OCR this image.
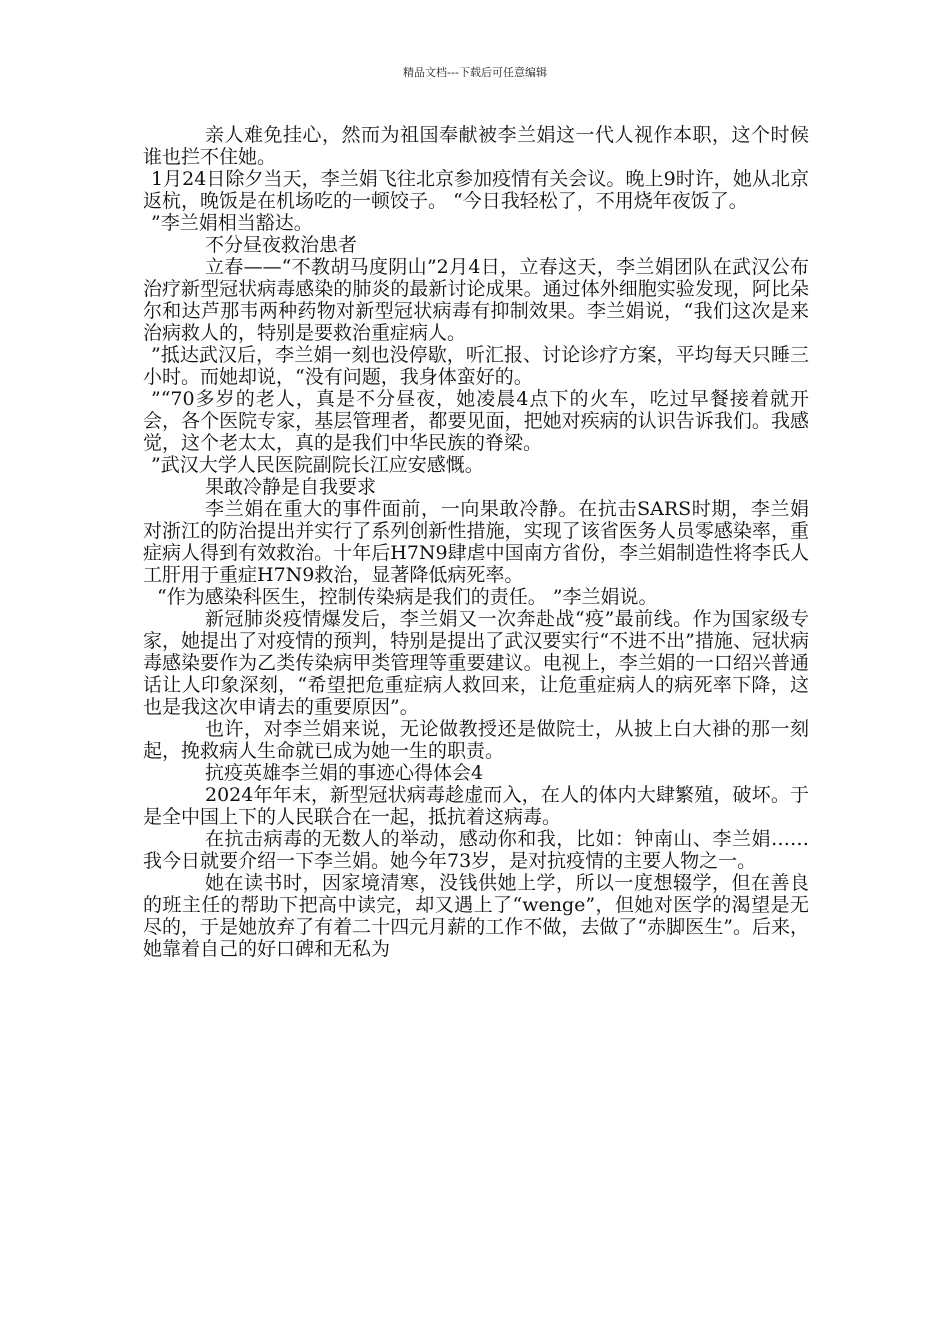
精品文档---下载后可任意编辑

亲人难免挂心，然而为祖国奉献被李兰娟这一代人视作本职，这个时候谁也拦不住她。

1月24日除夕当天，李兰娟飞往北京参加疫情有关会议。晚上9时许，她从北京返杭，晚饭是在机场吃的一顿饺子。 “今日我轻松了，不用烧年夜饭了。

”李兰娟相当豁达。

不分昼夜救治患者

立春——“不教胡马度阴山”2月4日，立春这天，李兰娟团队在武汉公布治疗新型冠状病毒感染的肺炎的最新讨论成果。通过体外细胞实验发现，阿比朵尔和达芦那韦两种药物对新型冠状病毒有抑制效果。李兰娟说，“我们这次是来治病救人的，特别是要救治重症病人。

”抵达武汉后，李兰娟一刻也没停歇，听汇报、讨论诊疗方案，平均每天只睡三小时。而她却说，“没有问题，我身体蛮好的。

”“70多岁的老人，真是不分昼夜，她凌晨4点下的火车，吃过早餐接着就开会，各个医院专家，基层管理者，都要见面，把她对疾病的认识告诉我们。我感觉，这个老太太，真的是我们中华民族的脊梁。

”武汉大学人民医院副院长江应安感慨。

果敢冷静是自我要求

李兰娟在重大的事件面前，一向果敢冷静。在抗击SARS时期，李兰娟对浙江的防治提出并实行了系列创新性措施，实现了该省医务人员零感染率，重症病人得到有效救治。十年后H7N9肆虐中国南方省份，李兰娟制造性将李氏人工肝用于重症H7N9救治，显著降低病死率。

“作为感染科医生，控制传染病是我们的责任。 ”李兰娟说。

新冠肺炎疫情爆发后，李兰娟又一次奔赴战“疫”最前线。作为国家级专家，她提出了对疫情的预判，特别是提出了武汉要实行“不进不出”措施、冠状病毒感染要作为乙类传染病甲类管理等重要建议。电视上，李兰娟的一口绍兴普通话让人印象深刻，“希望把危重症病人救回来，让危重症病人的病死率下降，这也是我这次申请去的重要原因”。

也许，对李兰娟来说，无论做教授还是做院士，从披上白大褂的那一刻起，挽救病人生命就已成为她一生的职责。

抗疫英雄李兰娟的事迹心得体会4

2024年年末，新型冠状病毒趁虚而入，在人的体内大肆繁殖，破坏。于是全中国上下的人民联合在一起，抵抗着这病毒。

在抗击病毒的无数人的举动，感动你和我，比如：钟南山、李兰娟……我今日就要介绍一下李兰娟。她今年73岁，是对抗疫情的主要人物之一。

她在读书时，因家境清寒，没钱供她上学，所以一度想辍学，但在善良的班主任的帮助下把高中读完，却又遇上了“wenge”，但她对医学的渴望是无尽的，于是她放弃了有着二十四元月薪的工作不做，去做了“赤脚医生”。后来，她靠着自己的好口碑和无私为
